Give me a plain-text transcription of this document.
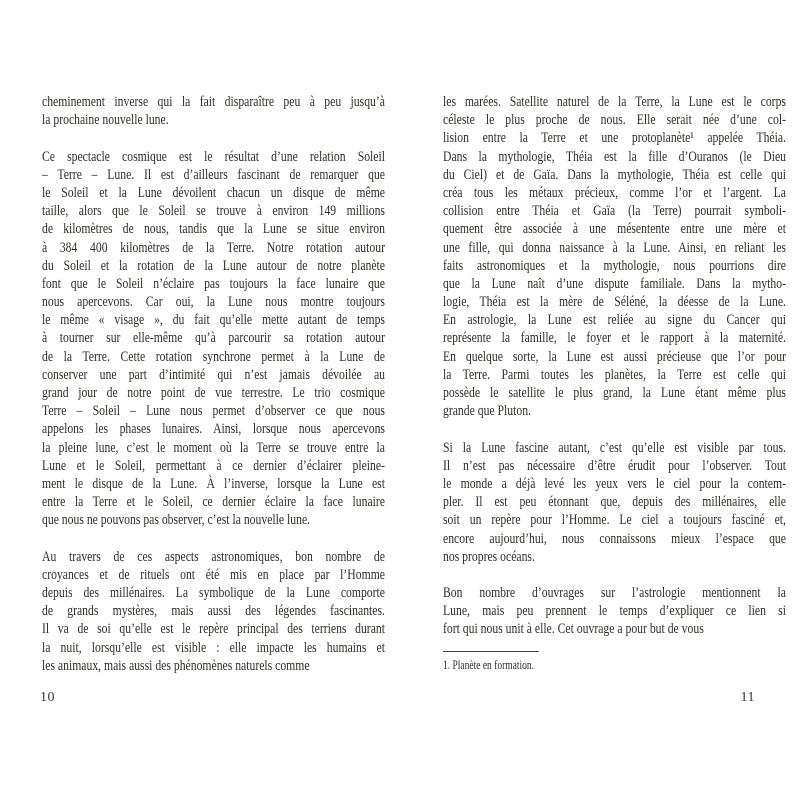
cheminement inverse qui la fait disparaître peu à peu jusqu’à
la prochaine nouvelle lune.
Ce spectacle cosmique est le résultat d’une relation Soleil
– Terre – Lune. Il est d’ailleurs fascinant de remarquer que
le Soleil et la Lune dévoilent chacun un disque de même
taille, alors que le Soleil se trouve à environ 149 millions
de kilomètres de nous, tandis que la Lune se situe environ
à 384 400 kilomètres de la Terre. Notre rotation autour
du Soleil et la rotation de la Lune autour de notre planète
font que le Soleil n’éclaire pas toujours la face lunaire que
nous apercevons. Car oui, la Lune nous montre toujours
le même « visage », du fait qu’elle mette autant de temps
à tourner sur elle-même qu’à parcourir sa rotation autour
de la Terre. Cette rotation synchrone permet à la Lune de
conserver une part d’intimité qui n’est jamais dévoilée au
grand jour de notre point de vue terrestre. Le trio cosmique
Terre – Soleil – Lune nous permet d’observer ce que nous
appelons les phases lunaires. Ainsi, lorsque nous apercevons
la pleine lune, c’est le moment où la Terre se trouve entre la
Lune et le Soleil, permettant à ce dernier d’éclairer pleine-
ment le disque de la Lune. À l’inverse, lorsque la Lune est
entre la Terre et le Soleil, ce dernier éclaire la face lunaire
que nous ne pouvons pas observer, c’est la nouvelle lune.
Au travers de ces aspects astronomiques, bon nombre de
croyances et de rituels ont été mis en place par l’Homme
depuis des millénaires. La symbolique de la Lune comporte
de grands mystères, mais aussi des légendes fascinantes.
Il va de soi qu’elle est le repère principal des terriens durant
la nuit, lorsqu’elle est visible : elle impacte les humains et
les animaux, mais aussi des phénomènes naturels comme
les marées. Satellite naturel de la Terre, la Lune est le corps
céleste le plus proche de nous. Elle serait née d’une col-
lision entre la Terre et une protoplanète¹ appelée Théia.
Dans la mythologie, Théia est la fille d’Ouranos (le Dieu
du Ciel) et de Gaïa. Dans la mythologie, Théia est celle qui
créa tous les métaux précieux, comme l’or et l’argent. La
collision entre Théia et Gaïa (la Terre) pourrait symboli-
quement être associée à une mésentente entre une mère et
une fille, qui donna naissance à la Lune. Ainsi, en reliant les
faits astronomiques et la mythologie, nous pourrions dire
que la Lune naît d’une dispute familiale. Dans la mytho-
logie, Théia est la mère de Séléné, la déesse de la Lune.
En astrologie, la Lune est reliée au signe du Cancer qui
représente la famille, le foyer et le rapport à la maternité.
En quelque sorte, la Lune est aussi précieuse que l’or pour
la Terre. Parmi toutes les planètes, la Terre est celle qui
possède le satellite le plus grand, la Lune étant même plus
grande que Pluton.
Si la Lune fascine autant, c’est qu’elle est visible par tous.
Il n’est pas nécessaire d’être érudit pour l’observer. Tout
le monde a déjà levé les yeux vers le ciel pour la contem-
pler. Il est peu étonnant que, depuis des millénaires, elle
soit un repère pour l’Homme. Le ciel a toujours fasciné et,
encore aujourd’hui, nous connaissons mieux l’espace que
nos propres océans.
Bon nombre d’ouvrages sur l’astrologie mentionnent la
Lune, mais peu prennent le temps d’expliquer ce lien si
fort qui nous unit à elle. Cet ouvrage a pour but de vous
1. Planète en formation.
10	11
